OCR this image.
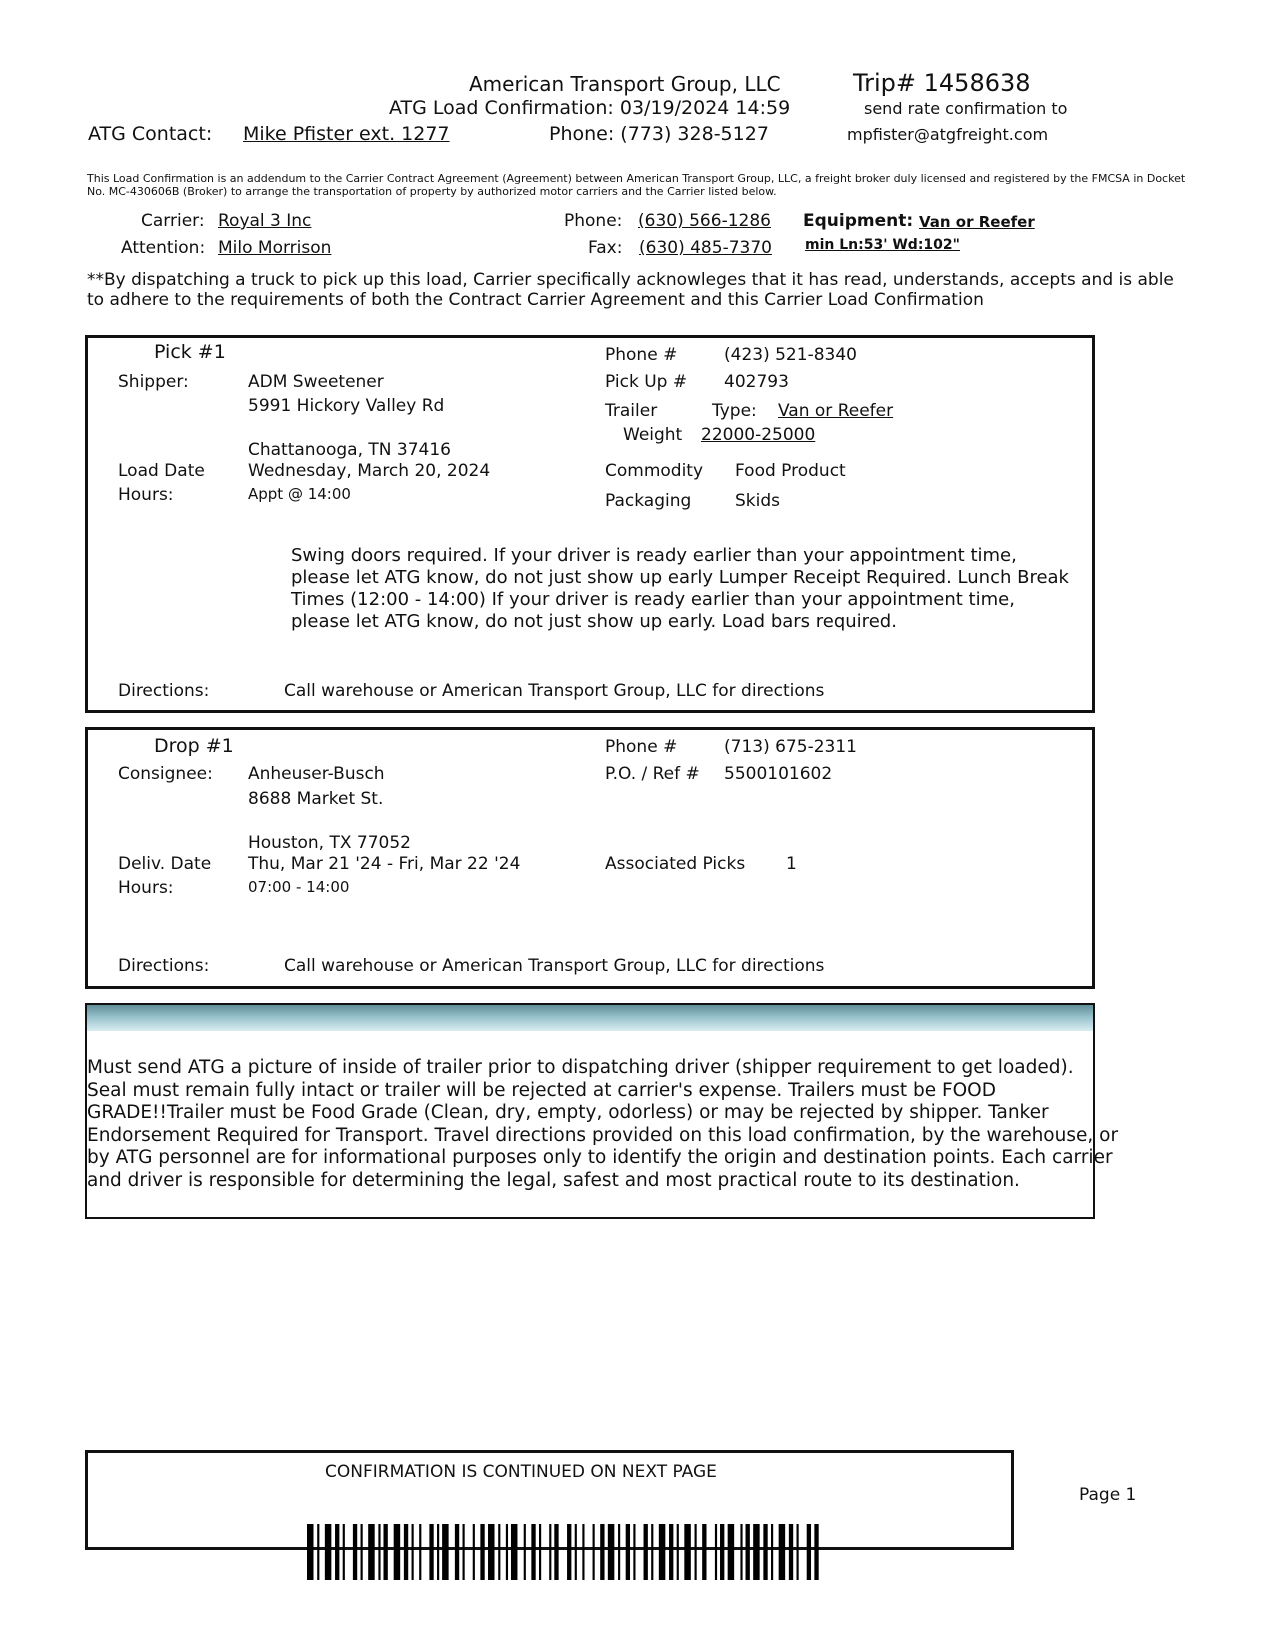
American Transport Group, LLC	Trip# 1458638
ATG Load Confirmation: 03/19/2024 14:59	send rate confirmation to
ATG Contact: Mike Pfister ext. 1277	Phone: (773) 328-5127	mpfister@atgfreight.com
This Load Confirmation is an addendum to the Carrier Contract Agreement (Agreement) between American Transport Group, LLC, a freight broker duly licensed and registered by the FMCSA in Docket No. MC-430606B (Broker) to arrange the transportation of property by authorized motor carriers and the Carrier listed below.
Carrier: Royal 3 Inc
Attention: Milo Morrison
Phone: (630) 566-1286
Fax: (630) 485-7370
Equipment: Van or Reefer
min Ln:53' Wd:102"
**By dispatching a truck to pick up this load, Carrier specifically acknowleges that it has read, understands, accepts and is able to adhere to the requirements of both the Contract Carrier Agreement and this Carrier Load Confirmation
Pick #1
Shipper:	ADM Sweetener
5991 Hickory Valley Rd
Chattanooga, TN 37416
Load Date	Wednesday, March 20, 2024
Hours:	Appt @ 14:00
Phone #	(423) 521-8340
Pick Up # 402793
Trailer	Type: Van or Reefer
Weight 22000-25000
Commodity Food Product
Packaging	Skids
Swing doors required. If your driver is ready earlier than your appointment time, please let ATG know, do not just show up early Lumper Receipt Required. Lunch Break Times (12:00 - 14:00) If your driver is ready earlier than your appointment time, please let ATG know, do not just show up early. Load bars required.
Directions:	Call warehouse or American Transport Group, LLC for directions
Drop #1
Consignee: Anheuser-Busch
8688 Market St.
Houston, TX 77052
Deliv. Date Thu, Mar 21 '24 - Fri, Mar 22 '24
Hours:	07:00 - 14:00
Phone #	(713) 675-2311
P.O. / Ref # 5500101602
Associated Picks 1
Directions:	Call warehouse or American Transport Group, LLC for directions
Must send ATG a picture of inside of trailer prior to dispatching driver (shipper requirement to get loaded).
Seal must remain fully intact or trailer will be rejected at carrier's expense. Trailers must be FOOD GRADE!!Trailer must be Food Grade (Clean, dry, empty, odorless) or may be rejected by shipper. Tanker Endorsement Required for Transport. Travel directions provided on this load confirmation, by the warehouse, or by ATG personnel are for informational purposes only to identify the origin and destination points. Each carrier and driver is responsible for determining the legal, safest and most practical route to its destination.
CONFIRMATION IS CONTINUED ON NEXT PAGE
Page 1
